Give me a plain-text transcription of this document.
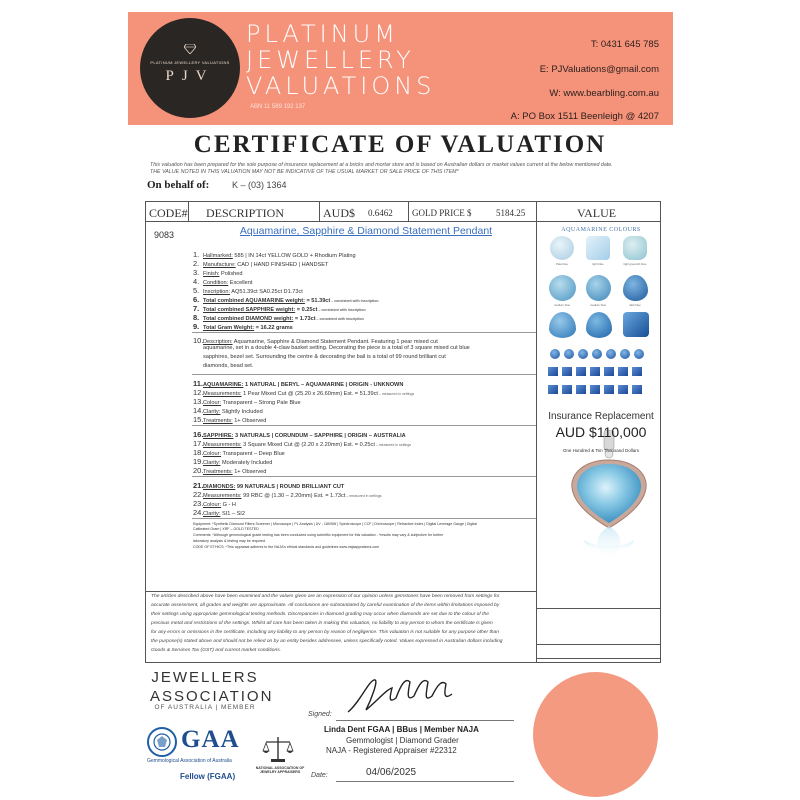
PLATINUM JEWELLERY VALUATIONS
PJV
PLATINUM
JEWELLERY
VALUATIONS
ABN 11 589 192 137
T: 0431 645 785
E: PJValuations@gmail.com
W: www.bearbling.com.au
A: PO Box 1511 Beenleigh @ 4207
CERTIFICATE OF VALUATION
This valuation has been prepared for the sole purpose of insurance replacement at a bricks and mortar store and is based on Australian dollars or market values current at the below mentioned date.
THE VALUE NOTED IN THIS VALUATION MAY NOT BE INDICATIVE OF THE USUAL MARKET OR SALE PRICE OF THIS ITEM*
On behalf of:	K – (03) 1364
CODE# DESCRIPTION	AUD$ 0.6462 GOLD PRICE $	5184.25	VALUE
9083	Aquamarine, Sapphire & Diamond Statement Pendant
1. Hallmarked: 585 | IN 14ct YELLOW GOLD + Rhodium Plating
2. Manufacture: CAD | HAND FINISHED | HANDSET
3. Finish: Polished
4. Condition: Excellent
5. Inscription: AQ51.39ct SA0.25ct D1.73ct
6. Total combined AQUAMARINE weight: = 51.39ct – consistent with inscription
7. Total combined SAPPHIRE weight: = 0.25ct – consistent with inscription
8. Total combined DIAMOND weight: = 1.73ct – consistent with inscription
9. Total Gram Weight: = 16.22 grams
10.Description: Aquamarine, Sapphire & Diamond Statement Pendant. Featuring 1 pear mixed cut
aquamarine, set in a double 4-claw basket setting. Decorating the piece is a total of 3 square mixed cut blue
sapphires, bezel set. Surrounding the centre & decorating the bail is a total of 99 round brilliant cut
diamonds, bead set.
11.AQUAMARINE: 1 NATURAL | BERYL – AQUAMARINE | ORIGIN - UNKNOWN
12.Measurements: 1 Pear Mixed Cut @ (25.20 x 26.60mm) Est. = 51.39ct – measured in settings
13.Colour: Transparent – Strong Pale Blue
14.Clarity: Slightly Included
15.Treatments: 1+ Observed
16.SAPPHIRE: 3 NATURALS | CORUNDUM – SAPPHIRE | ORIGIN – AUSTRALIA
17.Measurements: 3 Square Mixed Cut @ (2.20 x 2.20mm) Est. = 0.25ct – measured in settings
18.Colour: Transparent – Deep Blue
19.Clarity: Moderately Included
20.Treatments: 1+ Observed
21.DIAMONDS: 99 NATURALS | ROUND BRILLIANT CUT
22.Measurements: 99 RBC @ (1.30 – 2.20mm) Est. = 1.73ct – measured in settings
23.Colour: G - H
24.Clarity: SI1 – SI2
Equipment: *Synthetic Diamond Filters Screener | Microscope | PL Analysis | UV - 180/5W | Spectroscope | CCF | Dichroscope | Refractive Index | Digital Leverage Gauge | Digital
Calibrated Gram | XRF – GOLD TESTED
Comments: *Although gemmological grade testing has been conducted using scientific equipment for this valuation - *results may vary & subjective for further
laboratory analysis & testing may be required.
CODE OF ETHICS: *This appraisal adheres to the NAJA's ethical standards and guidelines www.najaappraisers.com
The articles described above have been examined and the values given are an expression of our opinion unless gemstones have been removed from settings for
accurate assessment, all grades and weights are approximate. All conclusions are substantiated by careful examination of the items within limitations imposed by
their settings using appropriate gemmological testing methods. Discrepancies in diamond grading may occur when diamonds are set due to the colour of the
precious metal and restrictions of the settings. Whilst all care has been taken in making this valuation, no liability to any person to whom the certificate is given
for any errors or omissions in the certificate, including any liability to any person by reason of negligence. This valuation is not suitable for any purpose other than
the purpose(s) stated above and should not be relied on by an entity besides addressee, unless specifically noted. Values expressed in Australian dollars including
Goods & Services Tax (GST) and current market conditions.
AQUAMARINE COLOURS
Pale blue	light blue	light greenish blue
medium blue	medium blue	dark blue
Insurance Replacement
AUD $110,000
One Hundred & Ten Thousand Dollars
JEWELLERS
ASSOCIATION
OF AUSTRALIA | MEMBER
GAA
Gemmological Association of Australia
Fellow (FGAA)
NATIONAL ASSOCIATION OF JEWELRY APPRAISERS
Signed:
Linda Dent FGAA | BBus | Member NAJA
Gemmologist | Diamond Grader
NAJA - Registered Appraiser #22312
Date:	04/06/2025
